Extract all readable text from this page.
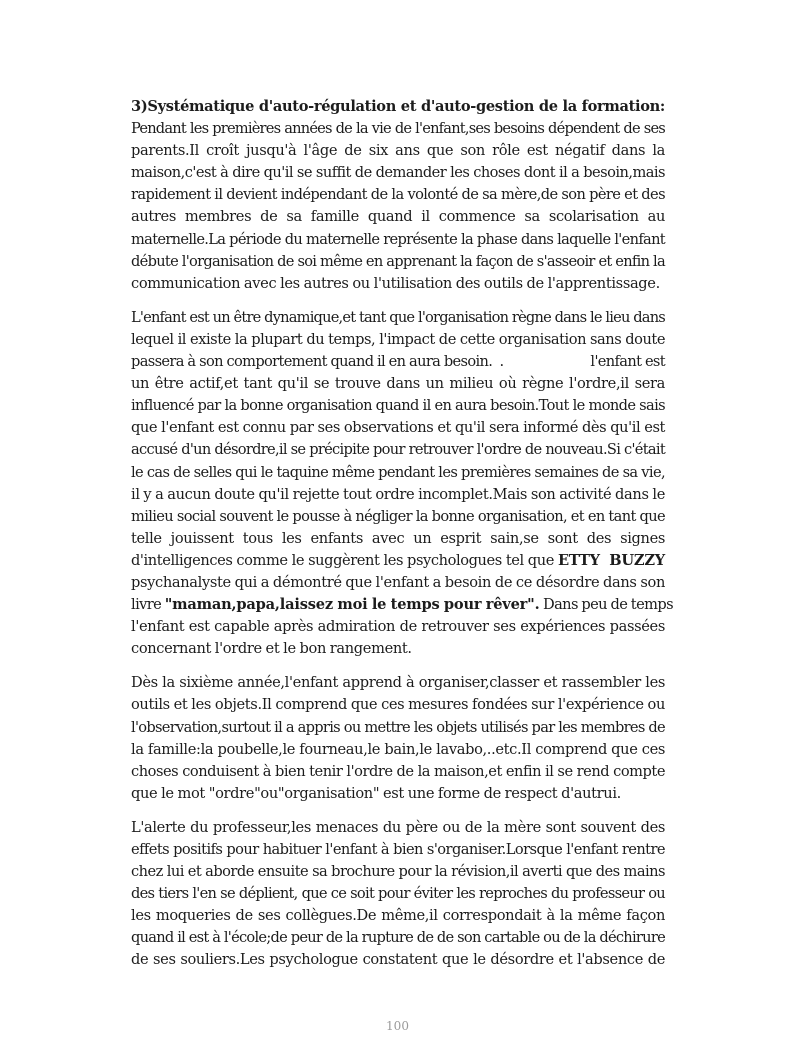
3)Systématique d'auto-régulation et d'auto-gestion de la formation:
Pendant les premières années de la vie de l'enfant,ses besoins dépendent de ses
parents.Il croît jusqu'à l'âge de six ans que son rôle est négatif dans la
maison,c'est à dire qu'il se suffit de demander les choses dont il a besoin,mais
rapidement il devient indépendant de la volonté de sa mère,de son père et des
autres membres de sa famille quand il commence sa scolarisation au
maternelle.La période du maternelle représente la phase dans laquelle l'enfant
débute l'organisation de soi même en apprenant la façon de s'asseoir et enfin la
communication avec les autres ou l'utilisation des outils de l'apprentissage.
L'enfant est un être dynamique,et tant que l'organisation règne dans le lieu dans
lequel il existe la plupart du temps, l'impact de cette organisation sans doute
passera à son comportement quand il en aura besoin.  .                        l'enfant est
un être actif,et tant qu'il se trouve dans un milieu où règne l'ordre,il sera
influencé par la bonne organisation quand il en aura besoin.Tout le monde sais
que l'enfant est connu par ses observations et qu'il sera informé dès qu'il est
accusé d'un désordre,il se précipite pour retrouver l'ordre de nouveau.Si c'était
le cas de selles qui le taquine même pendant les premières semaines de sa vie,
il y a aucun doute qu'il rejette tout ordre incomplet.Mais son activité dans le
milieu social souvent le pousse à négliger la bonne organisation, et en tant que
telle jouissent tous les enfants avec un esprit sain,se sont des signes
d'intelligences comme le suggèrent les psychologues tel que ETTY  BUZZY
psychanalyste qui a démontré que l'enfant a besoin de ce désordre dans son
livre "maman,papa,laissez moi le temps pour rêver". Dans peu de temps
l'enfant est capable après admiration de retrouver ses expériences passées
concernant l'ordre et le bon rangement.
Dès la sixième année,l'enfant apprend à organiser,classer et rassembler les
outils et les objets.Il comprend que ces mesures fondées sur l'expérience ou
l'observation,surtout il a appris ou mettre les objets utilisés par les membres de
la famille:la poubelle,le fourneau,le bain,le lavabo,..etc.Il comprend que ces
choses conduisent à bien tenir l'ordre de la maison,et enfin il se rend compte
que le mot "ordre"ou"organisation" est une forme de respect d'autrui.
L'alerte du professeur,les menaces du père ou de la mère sont souvent des
effets positifs pour habituer l'enfant à bien s'organiser.Lorsque l'enfant rentre
chez lui et aborde ensuite sa brochure pour la révision,il averti que des mains
des tiers l'en se déplient, que ce soit pour éviter les reproches du professeur ou
les moqueries de ses collègues.De même,il correspondait à la même façon
quand il est à l'école;de peur de la rupture de de son cartable ou de la déchirure
de ses souliers.Les psychologue constatent que le désordre et l'absence de
100
